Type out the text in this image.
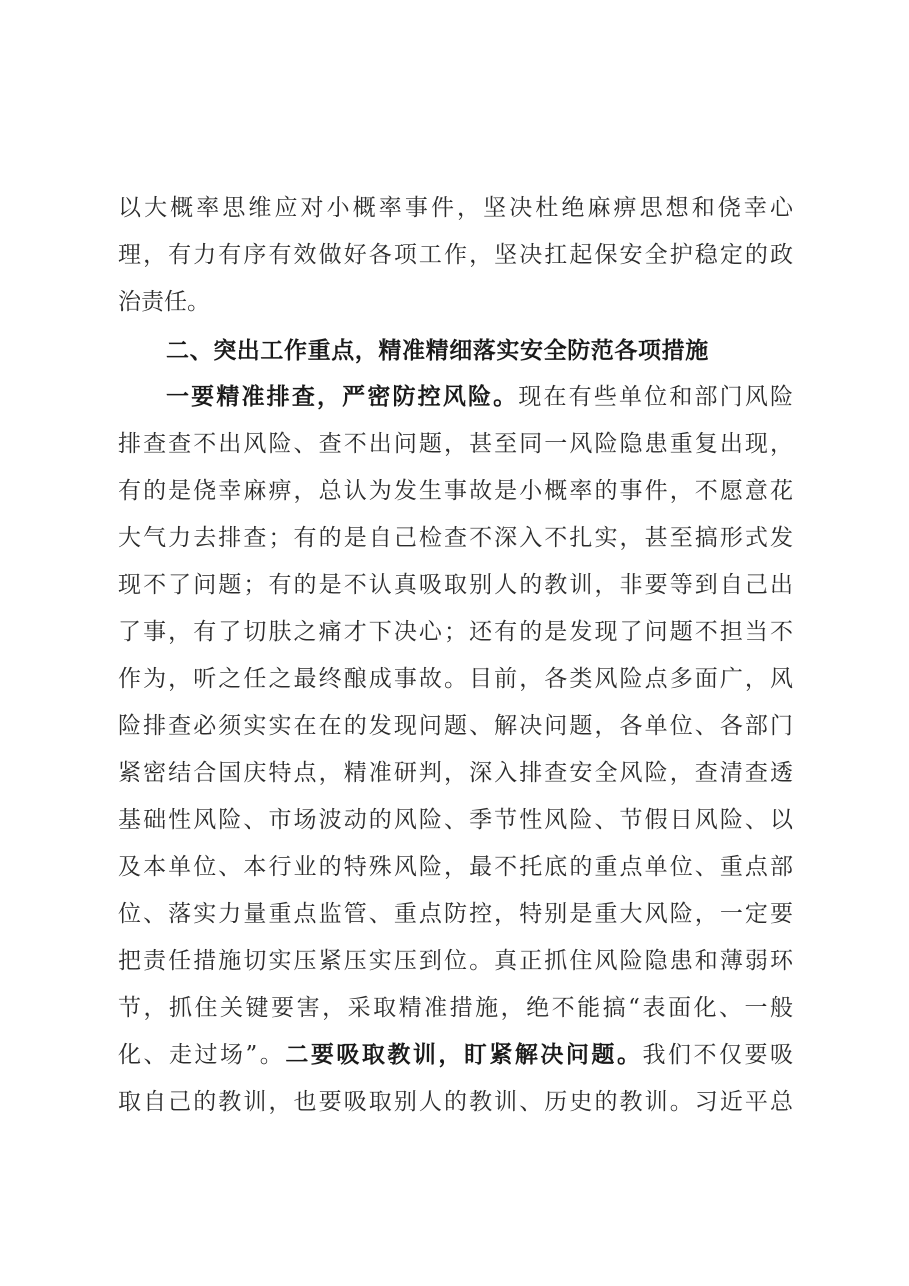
以大概率思维应对小概率事件，坚决杜绝麻痹思想和侥幸心
理，有力有序有效做好各项工作，坚决扛起保安全护稳定的政
治责任。
二、突出工作重点，精准精细落实安全防范各项措施
一要精准排查，严密防控风险。现在有些单位和部门风险
排查查不出风险、查不出问题，甚至同一风险隐患重复出现，
有的是侥幸麻痹，总认为发生事故是小概率的事件，不愿意花
大气力去排查；有的是自己检查不深入不扎实，甚至搞形式发
现不了问题；有的是不认真吸取别人的教训，非要等到自己出
了事，有了切肤之痛才下决心；还有的是发现了问题不担当不
作为，听之任之最终酿成事故。目前，各类风险点多面广，风
险排查必须实实在在的发现问题、解决问题，各单位、各部门
紧密结合国庆特点，精准研判，深入排查安全风险，查清查透
基础性风险、市场波动的风险、季节性风险、节假日风险、以
及本单位、本行业的特殊风险，最不托底的重点单位、重点部
位、落实力量重点监管、重点防控，特别是重大风险，一定要
把责任措施切实压紧压实压到位。真正抓住风险隐患和薄弱环
节，抓住关键要害，采取精准措施，绝不能搞“表面化、一般
化、走过场”。二要吸取教训，盯紧解决问题。我们不仅要吸
取自己的教训，也要吸取别人的教训、历史的教训。习近平总
